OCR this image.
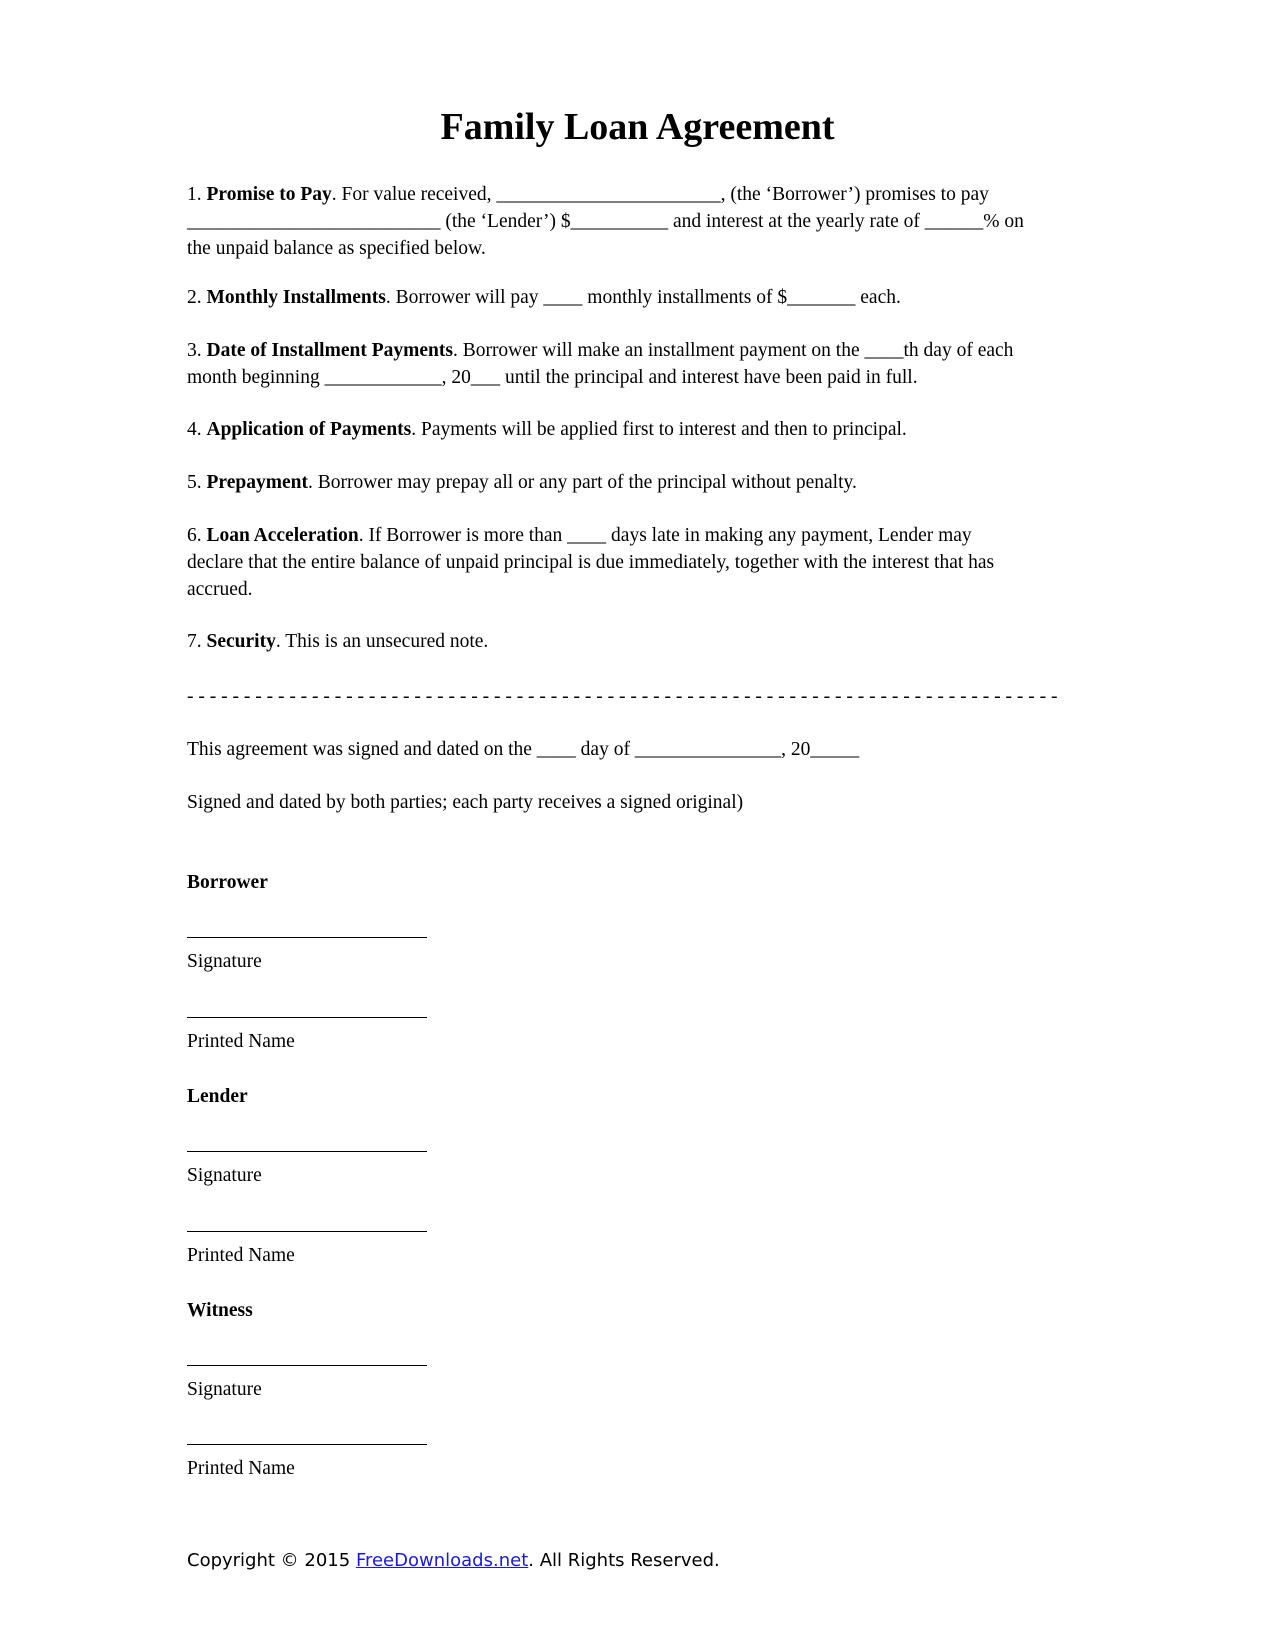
Family Loan Agreement
1. Promise to Pay. For value received, _______________________, (the ‘Borrower’) promises to pay
__________________________ (the ‘Lender’) $__________ and interest at the yearly rate of ______% on
the unpaid balance as specified below.
2. Monthly Installments. Borrower will pay ____ monthly installments of $_______ each.
3. Date of Installment Payments. Borrower will make an installment payment on the ____th day of each
month beginning ____________, 20___ until the principal and interest have been paid in full.
4. Application of Payments. Payments will be applied first to interest and then to principal.
5. Prepayment. Borrower may prepay all or any part of the principal without penalty.
6. Loan Acceleration. If Borrower is more than ____ days late in making any payment, Lender may
declare that the entire balance of unpaid principal is due immediately, together with the interest that has
accrued.
7. Security. This is an unsecured note.
- - - - - - - - - - - - - - - - - - - - - - - - - - - - - - - - - - - - - - - - - - - - - - - - - - - - - - - - - - - - - - - - - - - - - - - - - - - - -
This agreement was signed and dated on the ____ day of _______________, 20_____
Signed and dated by both parties; each party receives a signed original)
Borrower
Signature
Printed Name
Lender
Signature
Printed Name
Witness
Signature
Printed Name
Copyright © 2015 FreeDownloads.net. All Rights Reserved.
